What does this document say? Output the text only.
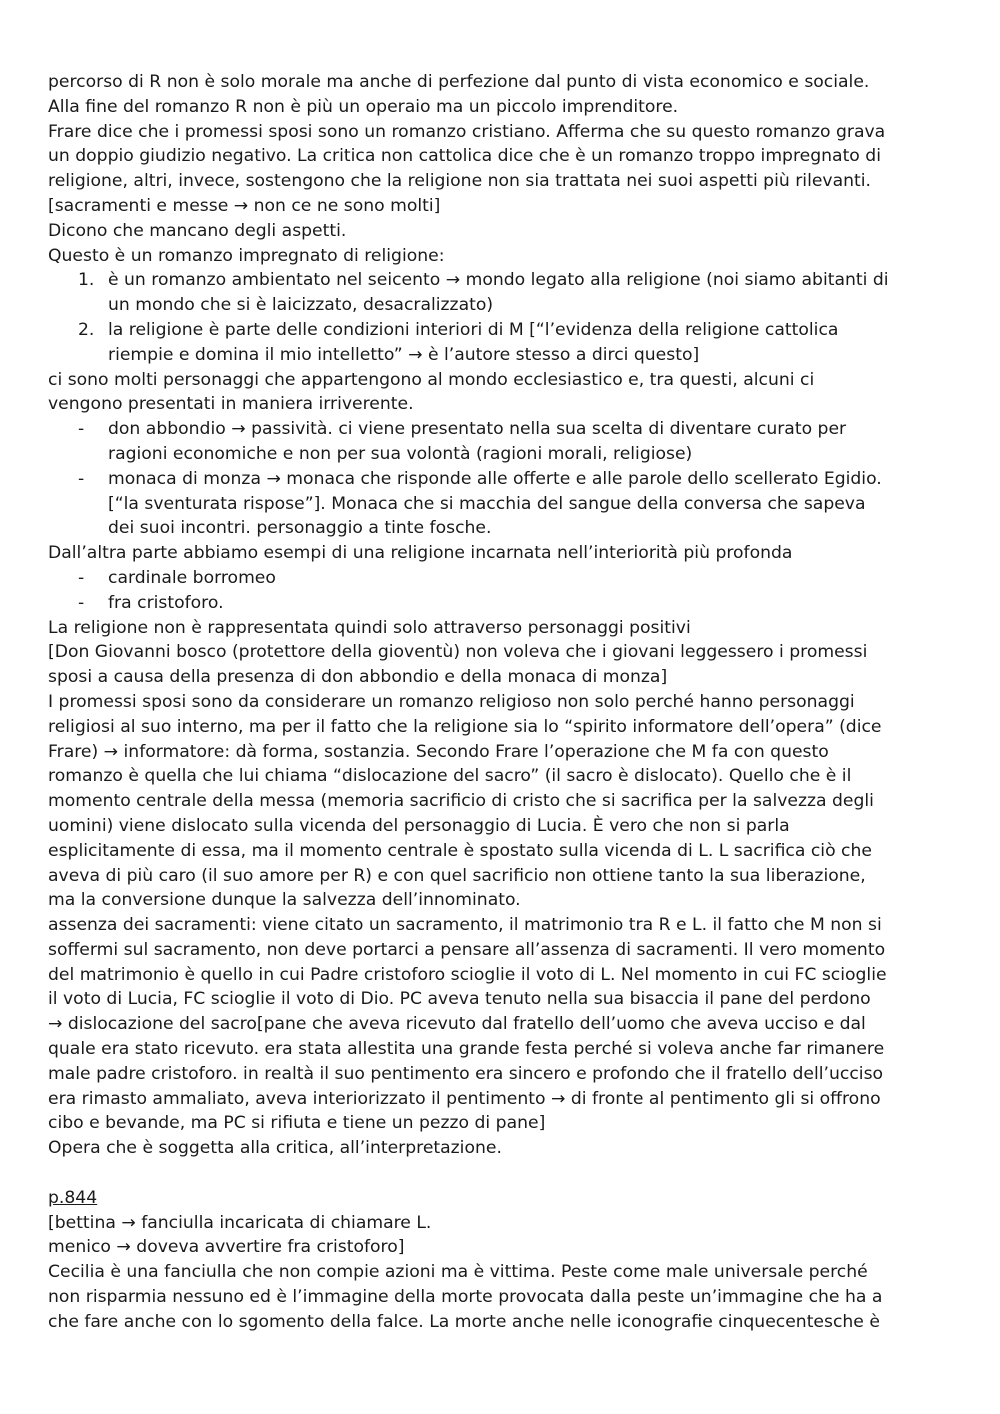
percorso di R non è solo morale ma anche di perfezione dal punto di vista economico e sociale.
Alla fine del romanzo R non è più un operaio ma un piccolo imprenditore.
Frare dice che i promessi sposi sono un romanzo cristiano. Afferma che su questo romanzo grava
un doppio giudizio negativo. La critica non cattolica dice che è un romanzo troppo impregnato di
religione, altri, invece, sostengono che la religione non sia trattata nei suoi aspetti più rilevanti.
[sacramenti e messe → non ce ne sono molti]
Dicono che mancano degli aspetti.
Questo è un romanzo impregnato di religione:
1. è un romanzo ambientato nel seicento → mondo legato alla religione (noi siamo abitanti di
un mondo che si è laicizzato, desacralizzato)
2. la religione è parte delle condizioni interiori di M [“l’evidenza della religione cattolica
riempie e domina il mio intelletto” → è l’autore stesso a dirci questo]
ci sono molti personaggi che appartengono al mondo ecclesiastico e, tra questi, alcuni ci
vengono presentati in maniera irriverente.
- don abbondio → passività. ci viene presentato nella sua scelta di diventare curato per
ragioni economiche e non per sua volontà (ragioni morali, religiose)
- monaca di monza → monaca che risponde alle offerte e alle parole dello scellerato Egidio.
[“la sventurata rispose”]. Monaca che si macchia del sangue della conversa che sapeva
dei suoi incontri. personaggio a tinte fosche.
Dall’altra parte abbiamo esempi di una religione incarnata nell’interiorità più profonda
- cardinale borromeo
- fra cristoforo.
La religione non è rappresentata quindi solo attraverso personaggi positivi
[Don Giovanni bosco (protettore della gioventù) non voleva che i giovani leggessero i promessi
sposi a causa della presenza di don abbondio e della monaca di monza]
I promessi sposi sono da considerare un romanzo religioso non solo perché hanno personaggi
religiosi al suo interno, ma per il fatto che la religione sia lo “spirito informatore dell’opera” (dice
Frare) → informatore: dà forma, sostanzia. Secondo Frare l’operazione che M fa con questo
romanzo è quella che lui chiama “dislocazione del sacro” (il sacro è dislocato). Quello che è il
momento centrale della messa (memoria sacrificio di cristo che si sacrifica per la salvezza degli
uomini) viene dislocato sulla vicenda del personaggio di Lucia. È vero che non si parla
esplicitamente di essa, ma il momento centrale è spostato sulla vicenda di L. L sacrifica ciò che
aveva di più caro (il suo amore per R) e con quel sacrificio non ottiene tanto la sua liberazione,
ma la conversione dunque la salvezza dell’innominato.
assenza dei sacramenti: viene citato un sacramento, il matrimonio tra R e L. il fatto che M non si
soffermi sul sacramento, non deve portarci a pensare all’assenza di sacramenti. Il vero momento
del matrimonio è quello in cui Padre cristoforo scioglie il voto di L. Nel momento in cui FC scioglie
il voto di Lucia, FC scioglie il voto di Dio. PC aveva tenuto nella sua bisaccia il pane del perdono
→ dislocazione del sacro[pane che aveva ricevuto dal fratello dell’uomo che aveva ucciso e dal
quale era stato ricevuto. era stata allestita una grande festa perché si voleva anche far rimanere
male padre cristoforo. in realtà il suo pentimento era sincero e profondo che il fratello dell’ucciso
era rimasto ammaliato, aveva interiorizzato il pentimento → di fronte al pentimento gli si offrono
cibo e bevande, ma PC si rifiuta e tiene un pezzo di pane]
Opera che è soggetta alla critica, all’interpretazione.
p.844
[bettina → fanciulla incaricata di chiamare L.
menico → doveva avvertire fra cristoforo]
Cecilia è una fanciulla che non compie azioni ma è vittima. Peste come male universale perché
non risparmia nessuno ed è l’immagine della morte provocata dalla peste un’immagine che ha a
che fare anche con lo sgomento della falce. La morte anche nelle iconografie cinquecentesche è
